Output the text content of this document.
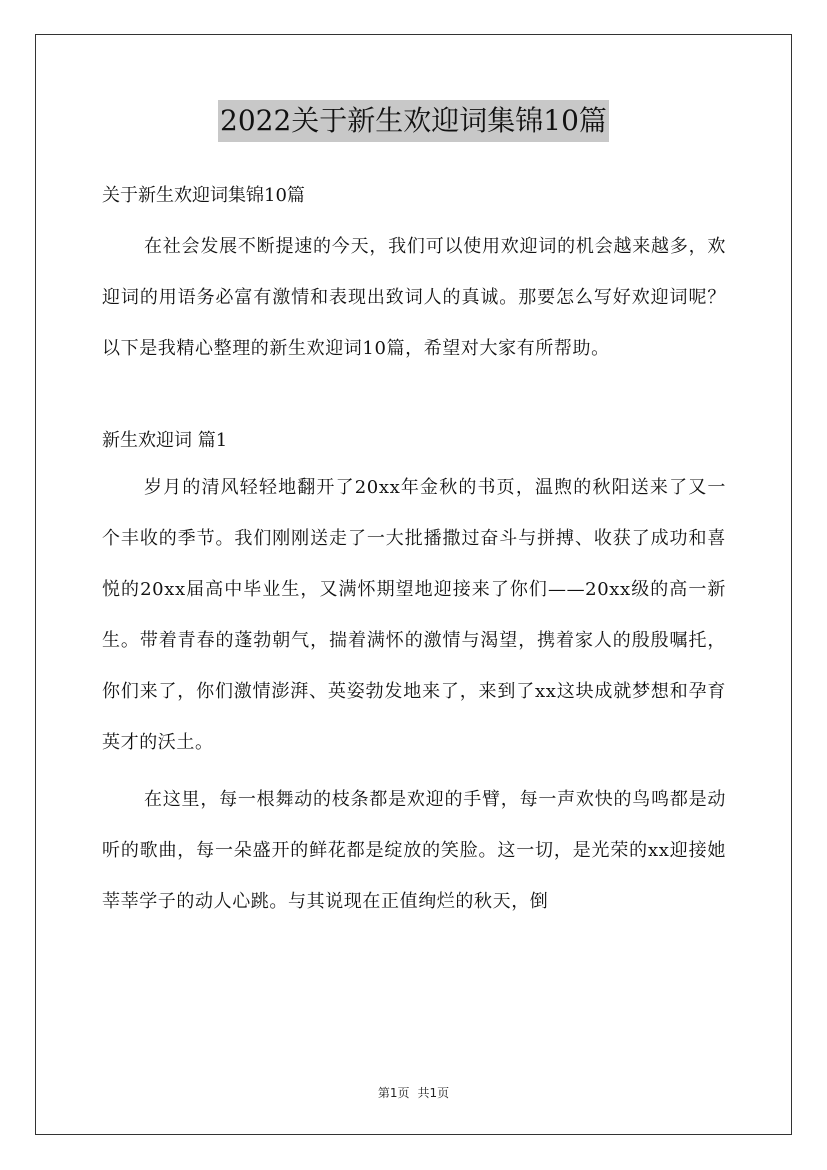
2022关于新生欢迎词集锦10篇
关于新生欢迎词集锦10篇
在社会发展不断提速的今天，我们可以使用欢迎词的机会越来越多，欢迎词的用语务必富有激情和表现出致词人的真诚。那要怎么写好欢迎词呢？以下是我精心整理的新生欢迎词10篇，希望对大家有所帮助。
新生欢迎词 篇1
岁月的清风轻轻地翻开了20xx年金秋的书页，温煦的秋阳送来了又一个丰收的季节。我们刚刚送走了一大批播撒过奋斗与拼搏、收获了成功和喜悦的20xx届高中毕业生，又满怀期望地迎接来了你们——20xx级的高一新生。带着青春的蓬勃朝气，揣着满怀的激情与渴望，携着家人的殷殷嘱托，你们来了，你们激情澎湃、英姿勃发地来了，来到了xx这块成就梦想和孕育英才的沃土。
在这里，每一根舞动的枝条都是欢迎的手臂，每一声欢快的鸟鸣都是动听的歌曲，每一朵盛开的鲜花都是绽放的笑脸。这一切，是光荣的xx迎接她莘莘学子的动人心跳。与其说现在正值绚烂的秋天，倒
第1页 共1页
